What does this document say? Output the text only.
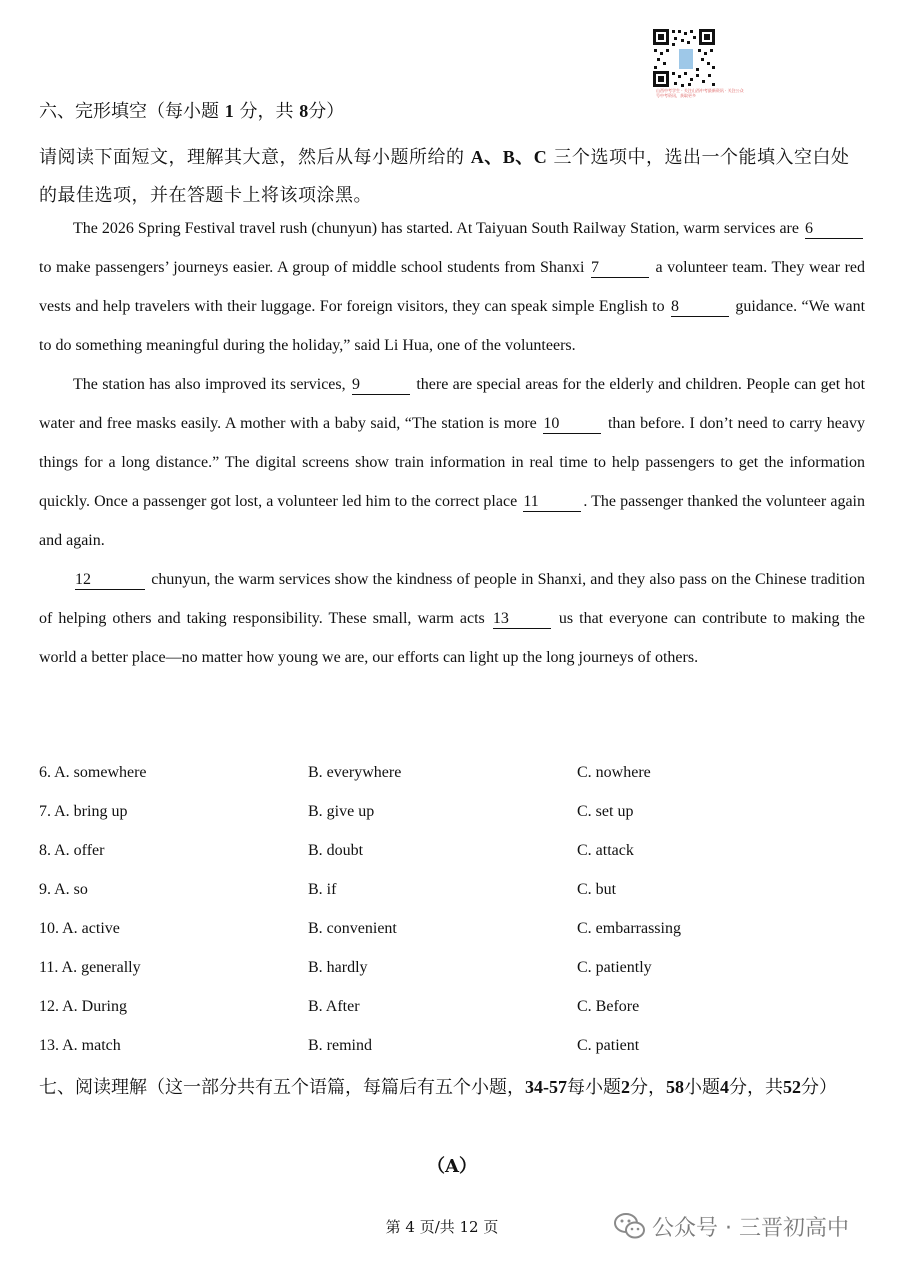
山西中考学生 · 关注山西中考最新资讯 · 关注公众号中考资讯，获取更多
六、完形填空（每小题 1 分，共 8分）
请阅读下面短文，理解其大意，然后从每小题所给的 A、B、C 三个选项中，选出一个能填入空白处的最佳选项，并在答题卡上将该项涂黑。

The 2026 Spring Festival travel rush (chunyun) has started. At Taiyuan South Railway Station, warm services are 6 to make passengers’ journeys easier. A group of middle school students from Shanxi 7	a volunteer team. They wear red vests and help travelers with their luggage. For foreign visitors, they can speak simple English to 8	guidance. “We want to do something meaningful during the holiday,” said Li Hua, one of the volunteers.

The station has also improved its services, 9	there are special areas for the elderly and children. People can get hot water and free masks easily. A mother with a baby said, “The station is more 10	than before. I don’t need to carry heavy things for a long distance.” The digital screens show train information in real time to help passengers to get the information quickly. Once a passenger got lost, a volunteer led him to the correct place 11	. The passenger thanked the volunteer again and again.

12	chunyun, the warm services show the kindness of people in Shanxi, and they also pass on the Chinese tradition of helping others and taking responsibility. These small, warm acts 13	us that everyone can contribute to making the world a better place—no matter how young we are, our efforts can light up the long journeys of others.

6. A. somewhere	B. everywhere	C. nowhere
7. A. bring up	B. give up	C. set up
8. A. offer	B. doubt	C. attack
9. A. so	B. if	C. but
10. A. active	B. convenient	C. embarrassing
11. A. generally	B. hardly	C. patiently
12. A. During	B. After	C. Before
13. A. match	B. remind	C. patient
七、阅读理解（这一部分共有五个语篇，每篇后有五个小题，34-57每小题2分，58小题4分，共52分）
（A）
第 4 页/共 12 页	公众号 · 三晋初高中
